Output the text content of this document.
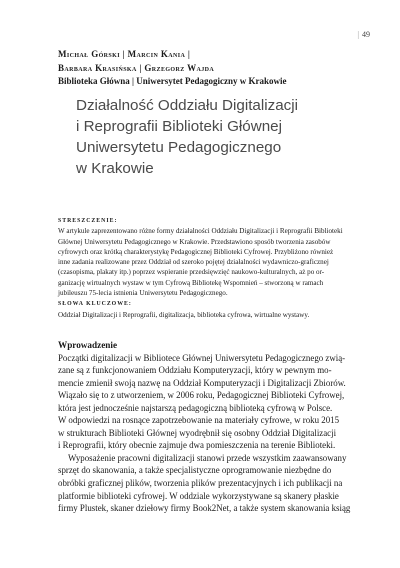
| 49
Michał Górski | Marcin Kania |
Barbara Krasińska | Grzegorz Wajda
Biblioteka Główna | Uniwersytet Pedagogiczny w Krakowie
Działalność Oddziału Digitalizacji
i Reprografii Biblioteki Głównej
Uniwersytetu Pedagogicznego
w Krakowie
STRESZCZENIE:
W artykule zaprezentowano różne formy działalności Oddziału Digitalizacji i Reprografii Biblioteki
Głównej Uniwersytetu Pedagogicznego w Krakowie. Przedstawiono sposób tworzenia zasobów
cyfrowych oraz krótką charakterystykę Pedagogicznej Biblioteki Cyfrowej. Przybliżono również
inne zadania realizowane przez Oddział od szeroko pojętej działalności wydawniczo-graficznej
(czasopisma, plakaty itp.) poprzez wspieranie przedsięwzięć naukowo-kulturalnych, aż po or-
ganizację wirtualnych wystaw w tym Cyfrową Bibliotekę Wspomnień – stworzoną w ramach
jubileuszu 75-lecia istnienia Uniwersytetu Pedagogicznego.
SŁOWA KLUCZOWE:
Oddział Digitalizacji i Reprografii, digitalizacja, biblioteka cyfrowa, wirtualne wystawy.
Wprowadzenie
Początki digitalizacji w Bibliotece Głównej Uniwersytetu Pedagogicznego zwią-
zane są z funkcjonowaniem Oddziału Komputeryzacji, który w pewnym mo-
mencie zmienił swoją nazwę na Oddział Komputeryzacji i Digitalizacji Zbiorów.
Wiązało się to z utworzeniem, w 2006 roku, Pedagogicznej Biblioteki Cyfrowej,
która jest jednocześnie najstarszą pedagogiczną biblioteką cyfrową w Polsce.
W odpowiedzi na rosnące zapotrzebowanie na materiały cyfrowe, w roku 2015
w strukturach Biblioteki Głównej wyodrębnił się osobny Oddział Digitalizacji
i Reprografii, który obecnie zajmuje dwa pomieszczenia na terenie Biblioteki.
Wyposażenie pracowni digitalizacji stanowi przede wszystkim zaawansowany
sprzęt do skanowania, a także specjalistyczne oprogramowanie niezbędne do
obróbki graficznej plików, tworzenia plików prezentacyjnych i ich publikacji na
platformie biblioteki cyfrowej. W oddziale wykorzystywane są skanery płaskie
firmy Plustek, skaner dziełowy firmy Book2Net, a także system skanowania ksiąg
